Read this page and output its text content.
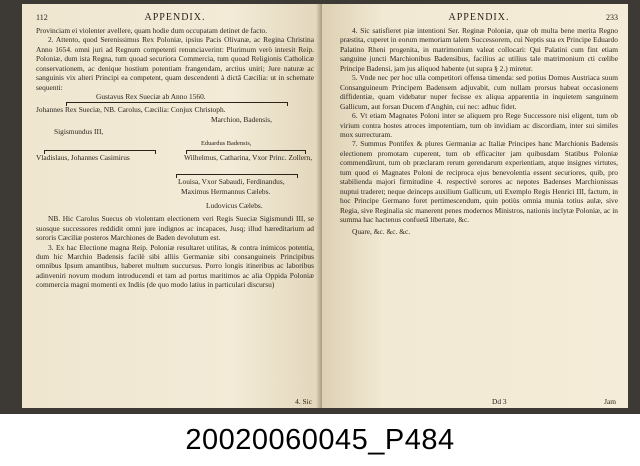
112	APPENDIX.

Provinciam ei violenter avellere, quam hodie dum occupatam detinet de facto.

2. Attento, quod Serenissimus Rex Poloniæ, ipsius Pacis Olivanæ, ac Regina Christina Anno 1654. omni juri ad Regnum competenti renunciaverint: Plurimum verò intersit Reip. Poloniæ, dum ista Regna, tum quoad securiora Commercia, tum quoad Religionis Catholicæ conservationem, ac denique hostium potentiam frangendam, arctius uniri; Jure naturæ ac sanguinis vix alteri Principi ea competent, quam descendenti à dictâ Cæcilia: ut in schemate sequenti:

Gustavus Rex Sueciæ ab Anno 1560.
Johannes Rex Sueciæ, NB. Carolus, Cæcilia: Conjux Christoph.
Marchion, Badensis,
Sigismundus III,
Eduardus Badensis,
Vladislaus, Johannes Casimirus	Wilhelmus, Catharina, Vxor Princ. Zollern,
Louisa, Vxor Sabaudi, Ferdinandus,
Maximus Hermannus Cælebs.
Ludovicus Cælebs.

NB. Hic Carolus Suecus ob violentam electionem veri Regis Sueciæ Sigismundi III, se suosque successores reddidit omni jure indignos ac incapaces, Jusq; illud hæreditarium ad sororis Cæciliæ posteros Marchiones de Baden devolutum est.

3. Ex hac Electione magna Reip. Poloniæ resultaret utilitas, & contra inimicos potentia, dum hic Marchio Badensis facilè sibi alliis Germaniæ sibi consanguineis Principibus omnibus Ipsum amantibus, haberet multum succursus. Porro longis itineribus ac laboribus adinveniri novum modum introducendi et tam ad portus maritimos ac alia Oppida Poloniæ commercia magni momenti ex Indiis (de quo modo latius in particulari discursu)

4. Sic
APPENDIX.	233

4. Sic satisfieret piæ intentioni Ser. Reginæ Poloniæ, quæ ob multa bene merita Regno præstita, cuperet in eorum memoriam talem Successorem, cui Neptis sua ex Principe Eduardo Palatino Rheni progenita, in matrimonium valeat collocari: Qui Palatini cum fint etiam sanguine juncti Marchionibus Badensibus, facilius ac utilius tale matrimonium cti cœlibe Principe Badensi, jam jus aliquod habente (ut supra § 2.) miretur.

5. Vnde nec per hoc ulla competitori offensa timenda: sed potius Domus Austriaca suum Consanguineum Principem Badensem adjuvabit, cum nullam prorsus habeat occasionem diffidentiæ, quam videbatur nuper fecisse ex aliqua apparentia in inquietem sanguinem Gallicum, aut forsan Ducem d'Anghin, cui nec: adhuc fidet.

6. Vt etiam Magnates Poloni inter se aliquem pro Rege Successore nisi eligent, tum ob virium contra hostes atroces impotentiam, tum ob invidiam ac discordiam, inter sui similes mox surrecturam.

7. Summus Pontifex & plures Germaniæ ac Italiæ Principes hanc Marchionis Badensis electionem promotam cuperent, tum ob efficaciter jam quibusdam Statibus Poloniæ commendârunt, tum ob præclaram rerum gerendarum experientiam, atque insignes virtutes, tum quod ei Magnates Poloni de reciproca ejus benevolentia essent securiores, quib, pro stabilienda majori firmitudine 4. respectivè sorores ac nepotes Badenses Marchionissas nuptui traderet; neque deinceps auxilium Gallicum, uti Exemplo Regis Henrici III, factum, in hoc Principe Germano foret pertimescendum, quin potiùs omnia munia totius aulæ, sive Regia, sive Reginalia sic manerent penes modernos Ministros, nationis inclytæ Poloniæ, ac in summa hac hactenus confuetâ libertate, &c.

Quare, &c. &c. &c.

Dd 3	Jam
20020060045_P484
